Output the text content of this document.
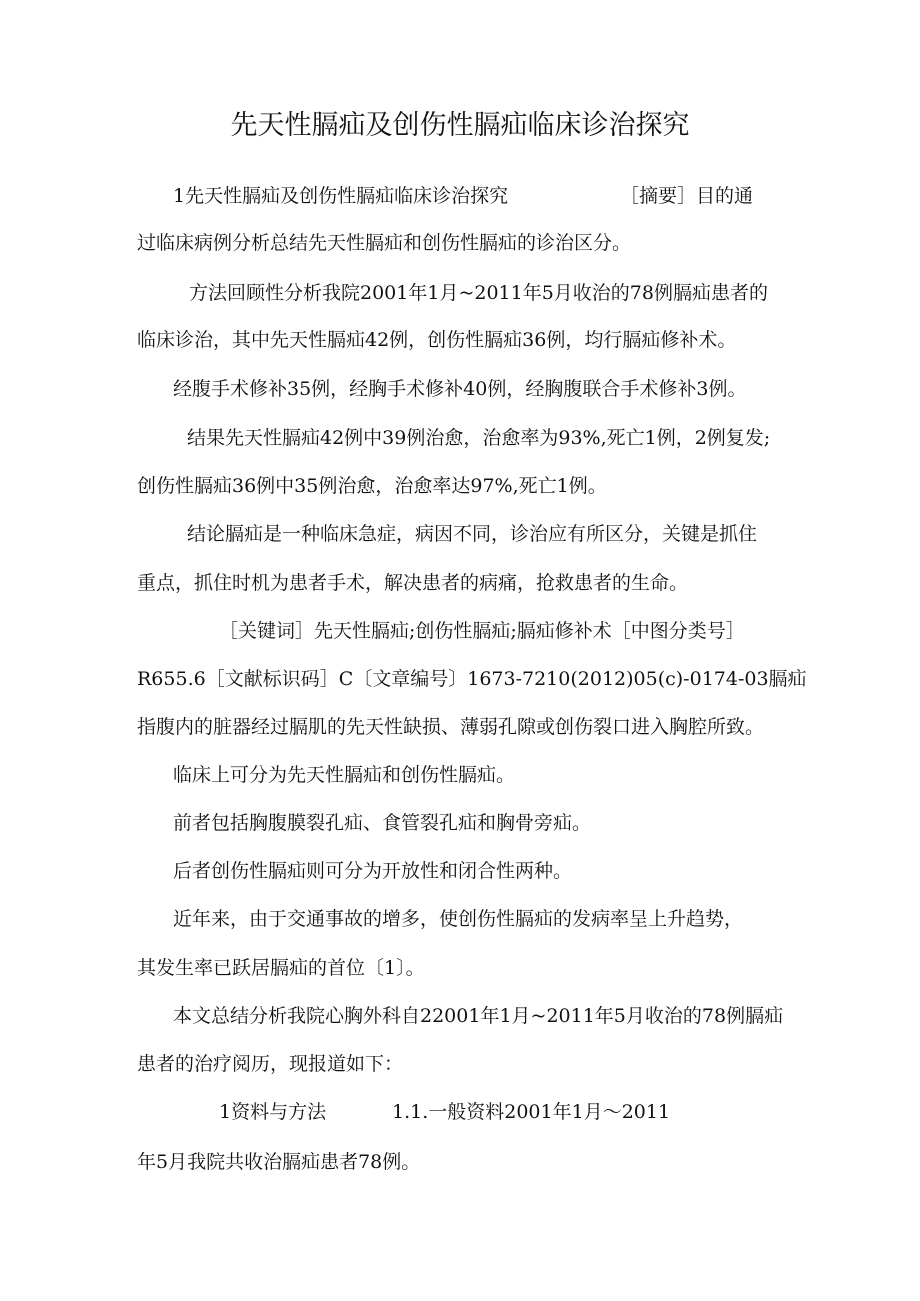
先天性膈疝及创伤性膈疝临床诊治探究
1先天性膈疝及创伤性膈疝临床诊治探究	［摘要］目的通
过临床病例分析总结先天性膈疝和创伤性膈疝的诊治区分。
方法回顾性分析我院2001年1月~2011年5月收治的78例膈疝患者的
临床诊治，其中先天性膈疝42例，创伤性膈疝36例，均行膈疝修补术。
经腹手术修补35例，经胸手术修补40例，经胸腹联合手术修补3例。
结果先天性膈疝42例中39例治愈，治愈率为93%,死亡1例，2例复发;
创伤性膈疝36例中35例治愈，治愈率达97%,死亡1例。
结论膈疝是一种临床急症，病因不同，诊治应有所区分，关键是抓住
重点，抓住时机为患者手术，解决患者的病痛，抢救患者的生命。
［关键词］先天性膈疝;创伤性膈疝;膈疝修补术［中图分类号］
R655.6［文献标识码］C〔文章编号〕1673-7210(2012)05(c)-0174-03膈疝
指腹内的脏器经过膈肌的先天性缺损、薄弱孔隙或创伤裂口进入胸腔所致。
临床上可分为先天性膈疝和创伤性膈疝。
前者包括胸腹膜裂孔疝、食管裂孔疝和胸骨旁疝。
后者创伤性膈疝则可分为开放性和闭合性两种。
近年来，由于交通事故的增多，使创伤性膈疝的发病率呈上升趋势，
其发生率已跃居膈疝的首位〔1〕。
本文总结分析我院心胸外科自22001年1月~2011年5月收治的78例膈疝
患者的治疗阅历，现报道如下：
1资料与方法	1.1.一般资料2001年1月～2011
年5月我院共收治膈疝患者78例。
